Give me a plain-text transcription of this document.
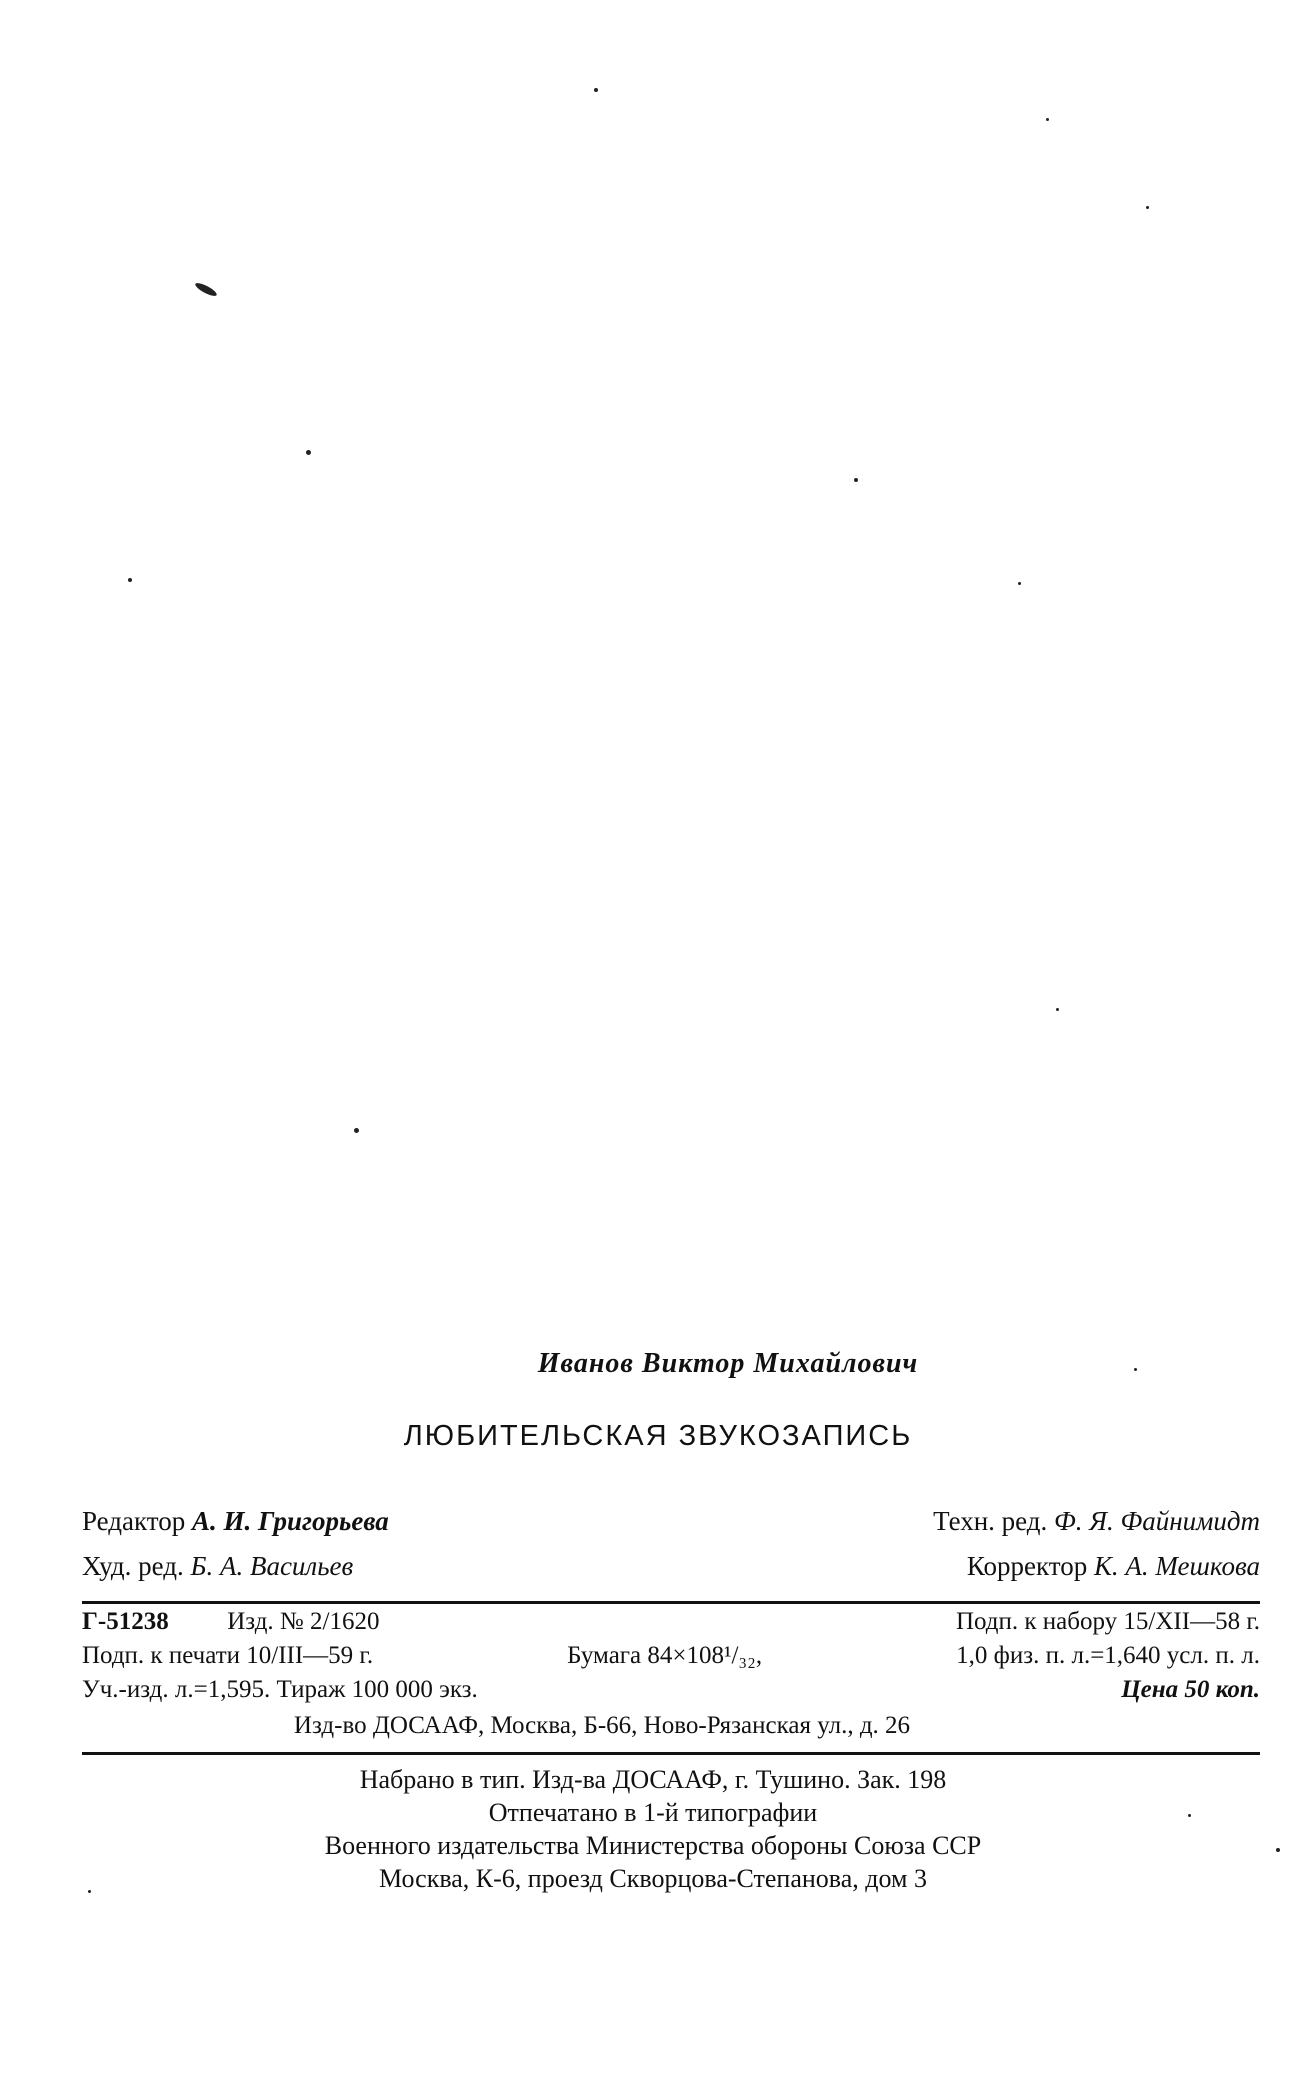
Иванов Виктор Михайлович
ЛЮБИТЕЛЬСКАЯ ЗВУКОЗАПИСЬ
Редактор А. И. Григорьева	Техн. ред. Ф. Я. Файнимидт
Худ. ред. Б. А. Васильев	Корректор К. А. Мешкова
Г-51238 Изд. № 2/1620	Подп. к набору 15/XII—58 г.
Подп. к печати 10/III—59 г.	Бумага 84×108¹/₃₂,	1,0 физ. п. л.=1,640 усл. п. л.
Уч.-изд. л.=1,595. Тираж 100 000 экз.	Цена 50 коп.
Изд-во ДОСААФ, Москва, Б-66, Ново-Рязанская ул., д. 26
Набрано в тип. Изд-ва ДОСААФ, г. Тушино. Зак. 198
Отпечатано в 1-й типографии
Военного издательства Министерства обороны Союза ССР
Москва, К-6, проезд Скворцова-Степанова, дом 3
